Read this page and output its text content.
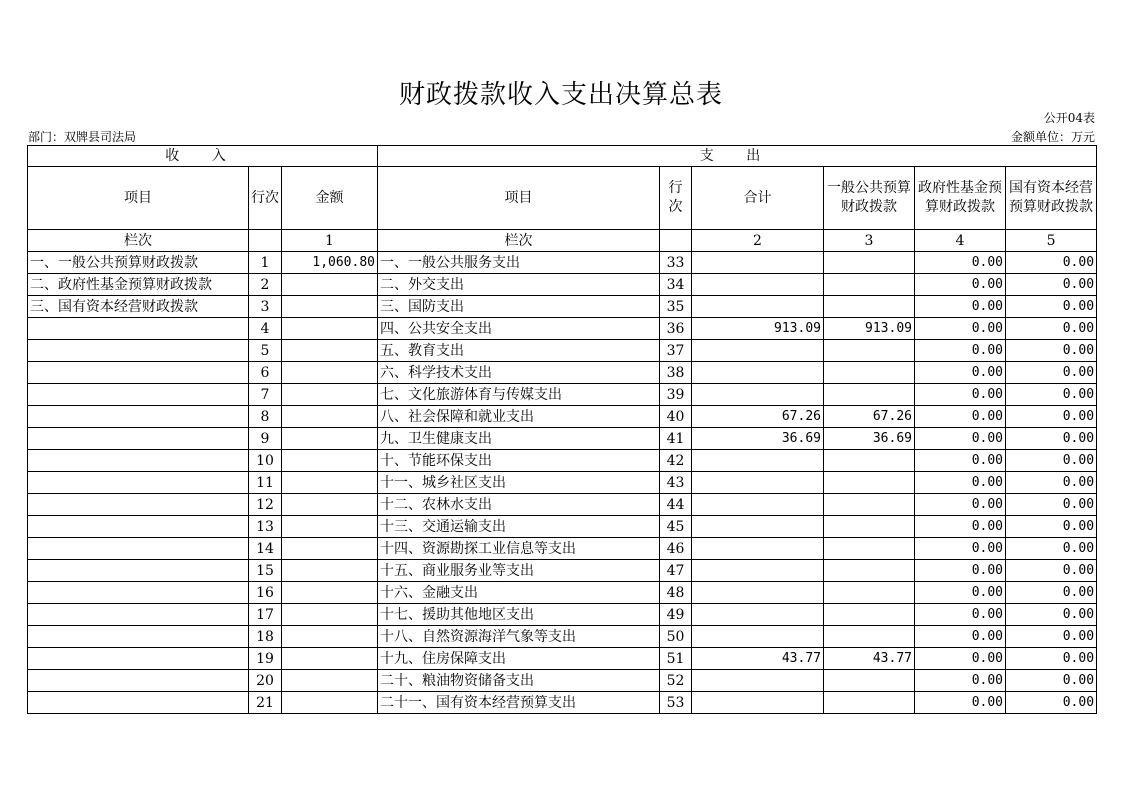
财政拨款收入支出决算总表
公开04表
部门：双牌县司法局	金额单位：万元
收 入			支 出					
项目	行次	金额	项目	行次	合计	一般公共预算财政拨款	政府性基金预算财政拨款	国有资本经营预算财政拨款
栏次		1	栏次		2	3	4	5
一、一般公共预算财政拨款	1	1,060.80	一、一般公共服务支出	33			0.00	0.00
二、政府性基金预算财政拨款	2		二、外交支出	34			0.00	0.00
三、国有资本经营财政拨款	3		三、国防支出	35			0.00	0.00
	4		四、公共安全支出	36	913.09	913.09	0.00	0.00
	5		五、教育支出	37			0.00	0.00
	6		六、科学技术支出	38			0.00	0.00
	7		七、文化旅游体育与传媒支出	39			0.00	0.00
	8		八、社会保障和就业支出	40	67.26	67.26	0.00	0.00
	9		九、卫生健康支出	41	36.69	36.69	0.00	0.00
	10		十、节能环保支出	42			0.00	0.00
	11		十一、城乡社区支出	43			0.00	0.00
	12		十二、农林水支出	44			0.00	0.00
	13		十三、交通运输支出	45			0.00	0.00
	14		十四、资源勘探工业信息等支出	46			0.00	0.00
	15		十五、商业服务业等支出	47			0.00	0.00
	16		十六、金融支出	48			0.00	0.00
	17		十七、援助其他地区支出	49			0.00	0.00
	18		十八、自然资源海洋气象等支出	50			0.00	0.00
	19		十九、住房保障支出	51	43.77	43.77	0.00	0.00
	20		二十、粮油物资储备支出	52			0.00	0.00
	21		二十一、国有资本经营预算支出	53			0.00	0.00
